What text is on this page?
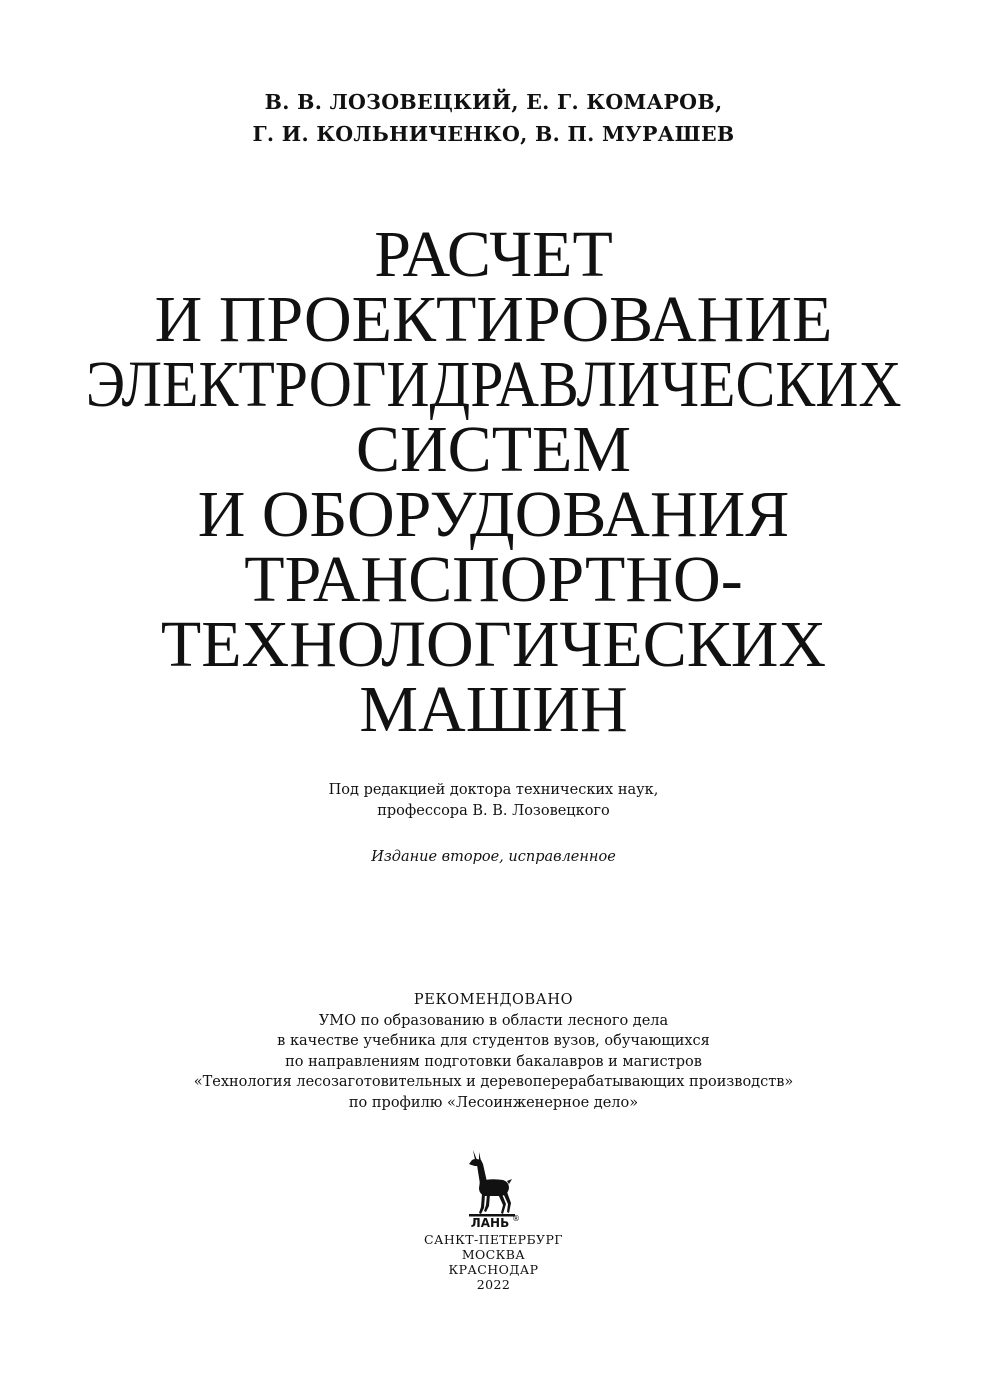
В. В. ЛОЗОВЕЦКИЙ, Е. Г. КОМАРОВ,
Г. И. КОЛЬНИЧЕНКО, В. П. МУРАШЕВ
РАСЧЕТ
И ПРОЕКТИРОВАНИЕ
ЭЛЕКТРОГИДРАВЛИЧЕСКИХ
СИСТЕМ
И ОБОРУДОВАНИЯ
ТРАНСПОРТНО-
ТЕХНОЛОГИЧЕСКИХ
МАШИН
Под редакцией доктора технических наук,
профессора В. В. Лозовецкого
Издание второе, исправленное
РЕКОМЕНДОВАНО
УМО по образованию в области лесного дела
в качестве учебника для студентов вузов, обучающихся
по направлениям подготовки бакалавров и магистров
«Технология лесозаготовительных и деревоперерабатывающих производств»
по профилю «Лесоинженерное дело»
ЛАНЬ ®
САНКТ-ПЕТЕРБУРГ
МОСКВА
КРАСНОДАР
2022
